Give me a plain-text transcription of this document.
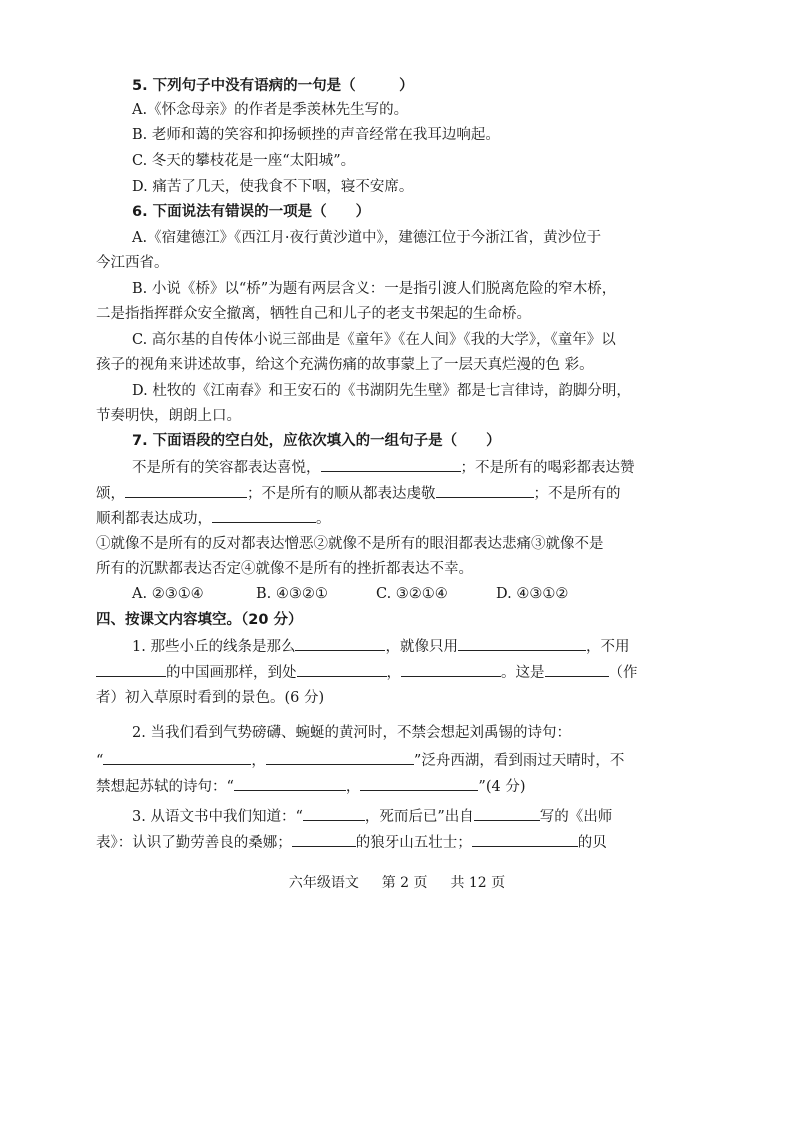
5. 下列句子中没有语病的一句是（　　　）
A.《怀念母亲》的作者是季羡林先生写的。
B. 老师和蔼的笑容和抑扬顿挫的声音经常在我耳边响起。
C. 冬天的攀枝花是一座“太阳城”。
D. 痛苦了几天，使我食不下咽，寝不安席。
6. 下面说法有错误的一项是（　　）
A.《宿建德江》《西江月·夜行黄沙道中》，建德江位于今浙江省，黄沙位于
今江西省。
B. 小说《桥》以“桥”为题有两层含义：一是指引渡人们脱离危险的窄木桥，
二是指指挥群众安全撤离，牺牲自己和儿子的老支书架起的生命桥。
C. 高尔基的自传体小说三部曲是《童年》《在人间》《我的大学》，《童年》以
孩子的视角来讲述故事，给这个充满伤痛的故事蒙上了一层天真烂漫的色 彩。
D. 杜牧的《江南春》和王安石的《书湖阴先生壁》都是七言律诗，韵脚分明，
节奏明快，朗朗上口。
7. 下面语段的空白处，应依次填入的一组句子是（　　）
不是所有的笑容都表达喜悦，	；不是所有的喝彩都表达赞
颂，	；不是所有的顺从都表达虔敬	；不是所有的
顺利都表达成功，	。
①就像不是所有的反对都表达憎恶②就像不是所有的眼泪都表达悲痛③就像不是
所有的沉默都表达否定④就像不是所有的挫折都表达不幸。
A. ②③①④	B. ④③②①	C. ③②①④	D. ④③①②
四、按课文内容填空。（20 分）
1. 那些小丘的线条是那么	，就像只用	，不用
的中国画那样，到处	，	。这是	（作
者）初入草原时看到的景色。(6 分)
2. 当我们看到气势磅礴、蜿蜒的黄河时，不禁会想起刘禹锡的诗句：
“	，	”泛舟西湖，看到雨过天晴时，不
禁想起苏轼的诗句：“	，	”(4 分)
3. 从语文书中我们知道：“	，死而后已”出自	写的《出师
表》：认识了勤劳善良的桑娜；	的狼牙山五壮士；	的贝
六年级语文 第 2 页 共 12 页
